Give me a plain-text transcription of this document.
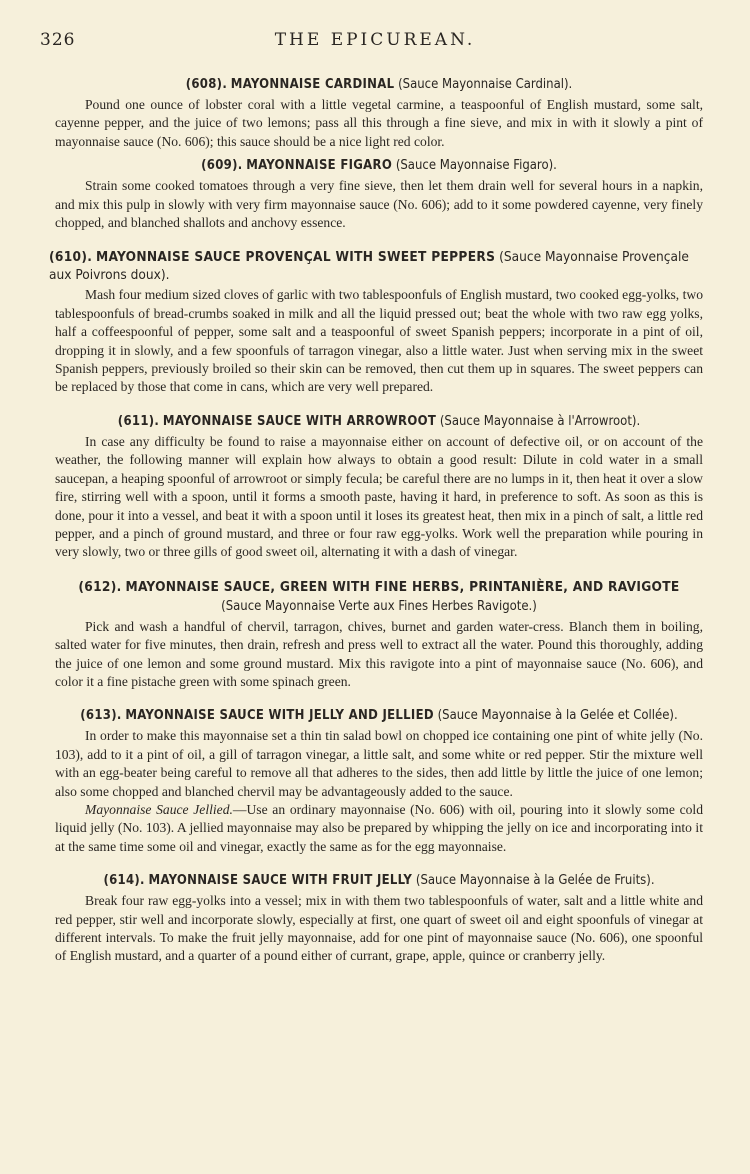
326	THE EPICUREAN.

(608). MAYONNAISE CARDINAL (Sauce Mayonnaise Cardinal).

Pound one ounce of lobster coral with a little vegetal carmine, a teaspoonful of English mustard, some salt, cayenne pepper, and the juice of two lemons; pass all this through a fine sieve, and mix in with it slowly a pint of mayonnaise sauce (No. 606); this sauce should be a nice light red color.

(609). MAYONNAISE FIGARO (Sauce Mayonnaise Figaro).

Strain some cooked tomatoes through a very fine sieve, then let them drain well for several hours in a napkin, and mix this pulp in slowly with very firm mayonnaise sauce (No. 606); add to it some powdered cayenne, very finely chopped, and blanched shallots and anchovy essence.

(610). MAYONNAISE SAUCE PROVENÇAL WITH SWEET PEPPERS (Sauce Mayonnaise Provençale aux Poivrons doux).

Mash four medium sized cloves of garlic with two tablespoonfuls of English mustard, two cooked egg-yolks, two tablespoonfuls of bread-crumbs soaked in milk and all the liquid pressed out; beat the whole with two raw egg yolks, half a coffeespoonful of pepper, some salt and a teaspoonful of sweet Spanish peppers; incorporate in a pint of oil, dropping it in slowly, and a few spoonfuls of tarragon vinegar, also a little water. Just when serving mix in the sweet Spanish peppers, previously broiled so their skin can be removed, then cut them up in squares. The sweet peppers can be replaced by those that come in cans, which are very well prepared.

(611). MAYONNAISE SAUCE WITH ARROWROOT (Sauce Mayonnaise à l'Arrowroot).

In case any difficulty be found to raise a mayonnaise either on account of defective oil, or on account of the weather, the following manner will explain how always to obtain a good result: Dilute in cold water in a small saucepan, a heaping spoonful of arrowroot or simply fecula; be careful there are no lumps in it, then heat it over a slow fire, stirring well with a spoon, until it forms a smooth paste, having it hard, in preference to soft. As soon as this is done, pour it into a vessel, and beat it with a spoon until it loses its greatest heat, then mix in a pinch of salt, a little red pepper, and a pinch of ground mustard, and three or four raw egg-yolks. Work well the preparation while pouring in very slowly, two or three gills of good sweet oil, alternating it with a dash of vinegar.

(612). MAYONNAISE SAUCE, GREEN WITH FINE HERBS, PRINTANIÈRE, AND RAVIGOTE

(Sauce Mayonnaise Verte aux Fines Herbes Ravigote.)

Pick and wash a handful of chervil, tarragon, chives, burnet and garden water-cress. Blanch them in boiling, salted water for five minutes, then drain, refresh and press well to extract all the water. Pound this thoroughly, adding the juice of one lemon and some ground mustard. Mix this ravigote into a pint of mayonnaise sauce (No. 606), and color it a fine pistache green with some spinach green.

(613). MAYONNAISE SAUCE WITH JELLY AND JELLIED (Sauce Mayonnaise à la Gelée et Collée).

In order to make this mayonnaise set a thin tin salad bowl on chopped ice containing one pint of white jelly (No. 103), add to it a pint of oil, a gill of tarragon vinegar, a little salt, and some white or red pepper. Stir the mixture well with an egg-beater being careful to remove all that adheres to the sides, then add little by little the juice of one lemon; also some chopped and blanched chervil may be advantageously added to the sauce.

Mayonnaise Sauce Jellied.—Use an ordinary mayonnaise (No. 606) with oil, pouring into it slowly some cold liquid jelly (No. 103). A jellied mayonnaise may also be prepared by whipping the jelly on ice and incorporating into it at the same time some oil and vinegar, exactly the same as for the egg mayonnaise.

(614). MAYONNAISE SAUCE WITH FRUIT JELLY (Sauce Mayonnaise à la Gelée de Fruits).

Break four raw egg-yolks into a vessel; mix in with them two tablespoonfuls of water, salt and a little white and red pepper, stir well and incorporate slowly, especially at first, one quart of sweet oil and eight spoonfuls of vinegar at different intervals. To make the fruit jelly mayonnaise, add for one pint of mayonnaise sauce (No. 606), one spoonful of English mustard, and a quarter of a pound either of currant, grape, apple, quince or cranberry jelly.
